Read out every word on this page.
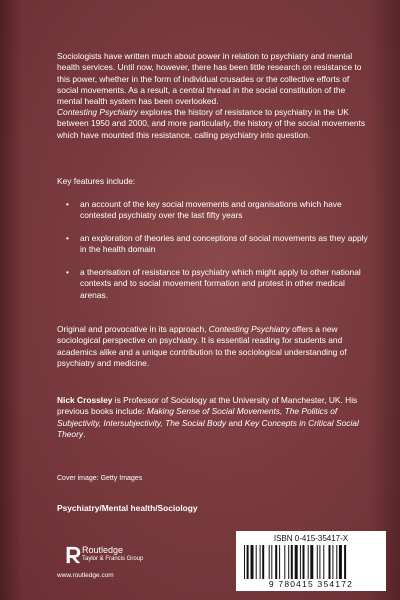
Sociologists have written much about power in relation to psychiatry and mental health services. Until now, however, there has been little research on resistance to this power, whether in the form of individual crusades or the collective efforts of social movements. As a result, a central thread in the social constitution of the mental health system has been overlooked.

Contesting Psychiatry explores the history of resistance to psychiatry in the UK between 1950 and 2000, and more particularly, the history of the social movements which have mounted this resistance, calling psychiatry into question.

Key features include:
•	an account of the key social movements and organisations which have contested psychiatry over the last fifty years
•	an exploration of theories and conceptions of social movements as they apply in the health domain
•	a theorisation of resistance to psychiatry which might apply to other national contexts and to social movement formation and protest in other medical arenas.

Original and provocative in its approach, Contesting Psychiatry offers a new sociological perspective on psychiatry. It is essential reading for students and academics alike and a unique contribution to the sociological understanding of psychiatry and medicine.

Nick Crossley is Professor of Sociology at the University of Manchester, UK. His previous books include: Making Sense of Social Movements, The Politics of Subjectivity, Intersubjectivity, The Social Body and Key Concepts in Critical Social Theory.

Cover image: Getty Images
Psychiatry/Mental health/Sociology
Routledge
Taylor & Francis Group
www.routledge.com
ISBN 0-415-35417-X
9 780415 354172
